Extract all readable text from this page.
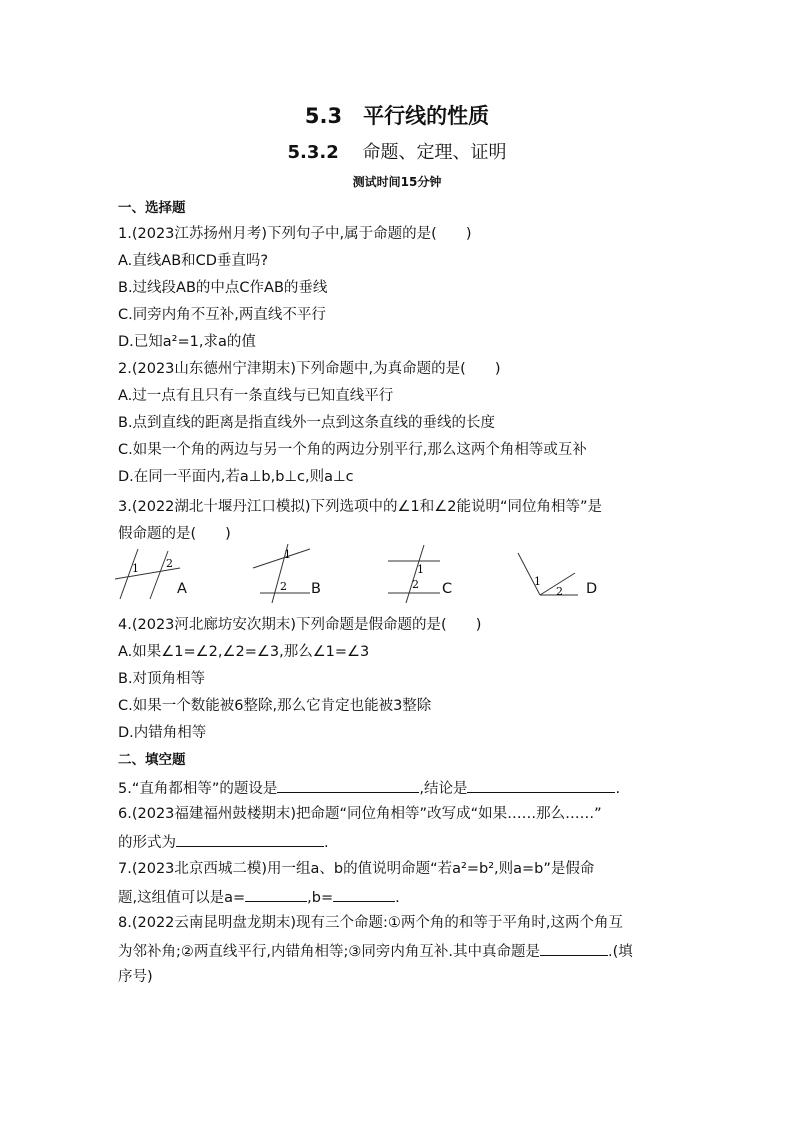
5.3　平行线的性质
5.3.2　 命题、定理、证明
测试时间15分钟
一、选择题
1.(2023江苏扬州月考)下列句子中,属于命题的是(　　)
A.直线AB和CD垂直吗?
B.过线段AB的中点C作AB的垂线
C.同旁内角不互补,两直线不平行
D.已知a²=1,求a的值
2.(2023山东德州宁津期末)下列命题中,为真命题的是(　　)
A.过一点有且只有一条直线与已知直线平行
B.点到直线的距离是指直线外一点到这条直线的垂线的长度
C.如果一个角的两边与另一个角的两边分别平行,那么这两个角相等或互补
D.在同一平面内,若a⊥b,b⊥c,则a⊥c
3.(2022湖北十堰丹江口模拟)下列选项中的∠1和∠2能说明“同位角相等”是
假命题的是(　　)
1 2
A
1
2 B
1
2 C	1
2 D
4.(2023河北廊坊安次期末)下列命题是假命题的是(　　)
A.如果∠1=∠2,∠2=∠3,那么∠1=∠3
B.对顶角相等
C.如果一个数能被6整除,那么它肯定也能被3整除
D.内错角相等
二、填空题
5.“直角都相等”的题设是	,结论是	.
6.(2023福建福州鼓楼期末)把命题“同位角相等”改写成“如果……那么……”
的形式为	.
7.(2023北京西城二模)用一组a、b的值说明命题“若a²=b²,则a=b”是假命
题,这组值可以是a=	,b=	.
8.(2022云南昆明盘龙期末)现有三个命题:①两个角的和等于平角时,这两个角互
为邻补角;②两直线平行,内错角相等;③同旁内角互补.其中真命题是	.(填
序号)
